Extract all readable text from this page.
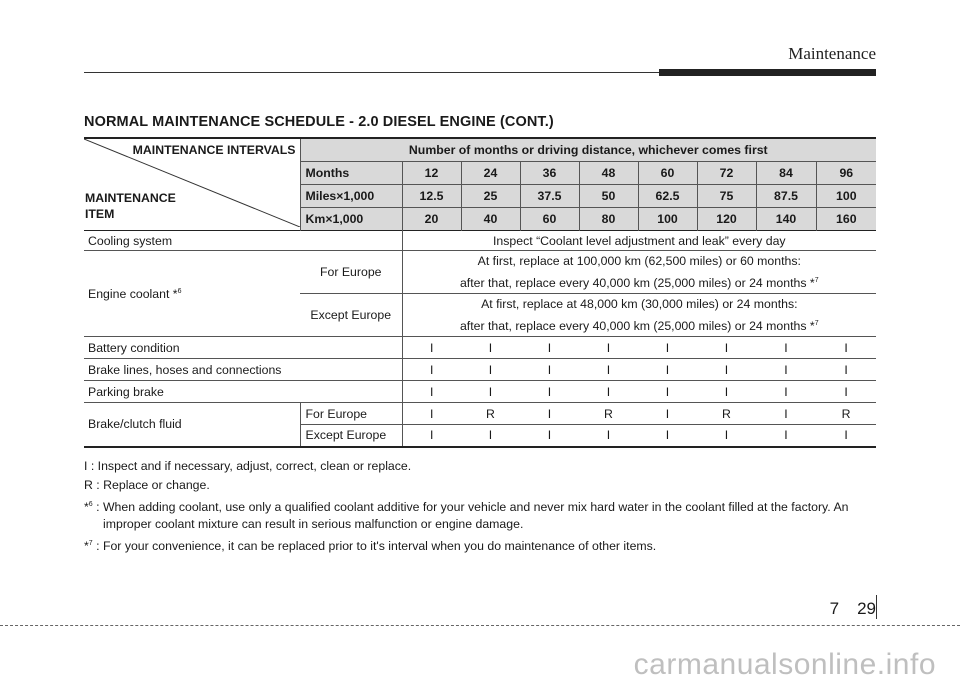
Maintenance
NORMAL MAINTENANCE SCHEDULE - 2.0 DIESEL ENGINE (CONT.)
MAINTENANCE INTERVALS
MAINTENANCE ITEM	Number of months or driving distance, whichever comes first								
	Months	12	24	36	48	60	72	84	96
	Miles×1,000	12.5	25	37.5	50	62.5	75	87.5	100
	Km×1,000	20	40	60	80	100	120	140	160
Cooling system		Inspect “Coolant level adjustment and leak” every day							
Engine coolant *$^6$	For Europe	At first, replace at 100,000 km (62,500 miles) or 60 months:
after that, replace every 40,000 km (25,000 miles) or 24 months *$^7$

	Except Europe	At first, replace at 48,000 km (30,000 miles) or 24 months:
after that, replace every 40,000 km (25,000 miles) or 24 months *$^7$

Battery condition		I	I	I	I	I	I	I	I
Brake lines, hoses and connections		I	I	I	I	I	I	I	I
Parking brake		I	I	I	I	I	I	I	I
Brake/clutch fluid	For Europe	I	R	I	R	I	R	I	R
	Except Europe	I	I	I	I	I	I	I	I
I : Inspect and if necessary, adjust, correct, clean or replace.
R : Replace or change.
*$^6$ : When adding coolant, use only a qualified coolant additive for your vehicle and never mix hard water in the coolant filled at the factory. An improper coolant mixture can result in serious malfunction or engine damage.
*$^7$ : For your convenience, it can be replaced prior to it's interval when you do maintenance of other items.
7 29
carmanualsonline.info
